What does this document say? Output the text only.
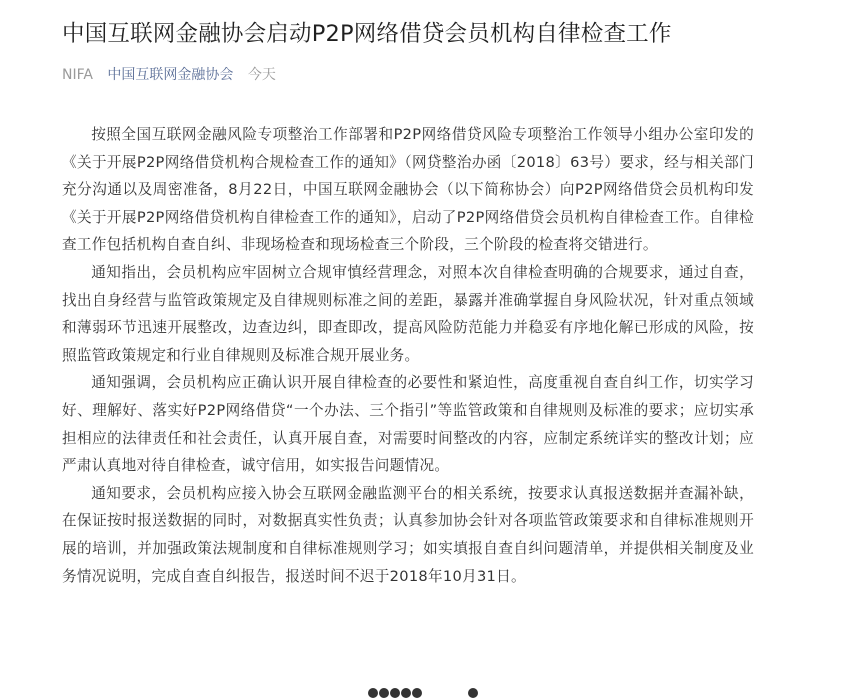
中国互联网金融协会启动P2P网络借贷会员机构自律检查工作
NIFA 中国互联网金融协会 今天

按照全国互联网金融风险专项整治工作部署和P2P网络借贷风险专项整治工作领导小组办公室印发的《关于开展P2P网络借贷机构合规检查工作的通知》（网贷整治办函〔2018〕63号）要求，经与相关部门充分沟通以及周密准备，8月22日，中国互联网金融协会（以下简称协会）向P2P网络借贷会员机构印发《关于开展P2P网络借贷机构自律检查工作的通知》，启动了P2P网络借贷会员机构自律检查工作。自律检查工作包括机构自查自纠、非现场检查和现场检查三个阶段，三个阶段的检查将交错进行。

通知指出，会员机构应牢固树立合规审慎经营理念，对照本次自律检查明确的合规要求，通过自查，找出自身经营与监管政策规定及自律规则标准之间的差距，暴露并准确掌握自身风险状况，针对重点领域和薄弱环节迅速开展整改，边查边纠，即查即改，提高风险防范能力并稳妥有序地化解已形成的风险，按照监管政策规定和行业自律规则及标准合规开展业务。

通知强调，会员机构应正确认识开展自律检查的必要性和紧迫性，高度重视自查自纠工作，切实学习好、理解好、落实好P2P网络借贷“一个办法、三个指引”等监管政策和自律规则及标准的要求；应切实承担相应的法律责任和社会责任，认真开展自查，对需要时间整改的内容，应制定系统详实的整改计划；应严肃认真地对待自律检查，诚守信用，如实报告问题情况。

通知要求，会员机构应接入协会互联网金融监测平台的相关系统，按要求认真报送数据并查漏补缺，在保证按时报送数据的同时，对数据真实性负责；认真参加协会针对各项监管政策要求和自律标准规则开展的培训，并加强政策法规制度和自律标准规则学习；如实填报自查自纠问题清单，并提供相关制度及业务情况说明，完成自查自纠报告，报送时间不迟于2018年10月31日。
